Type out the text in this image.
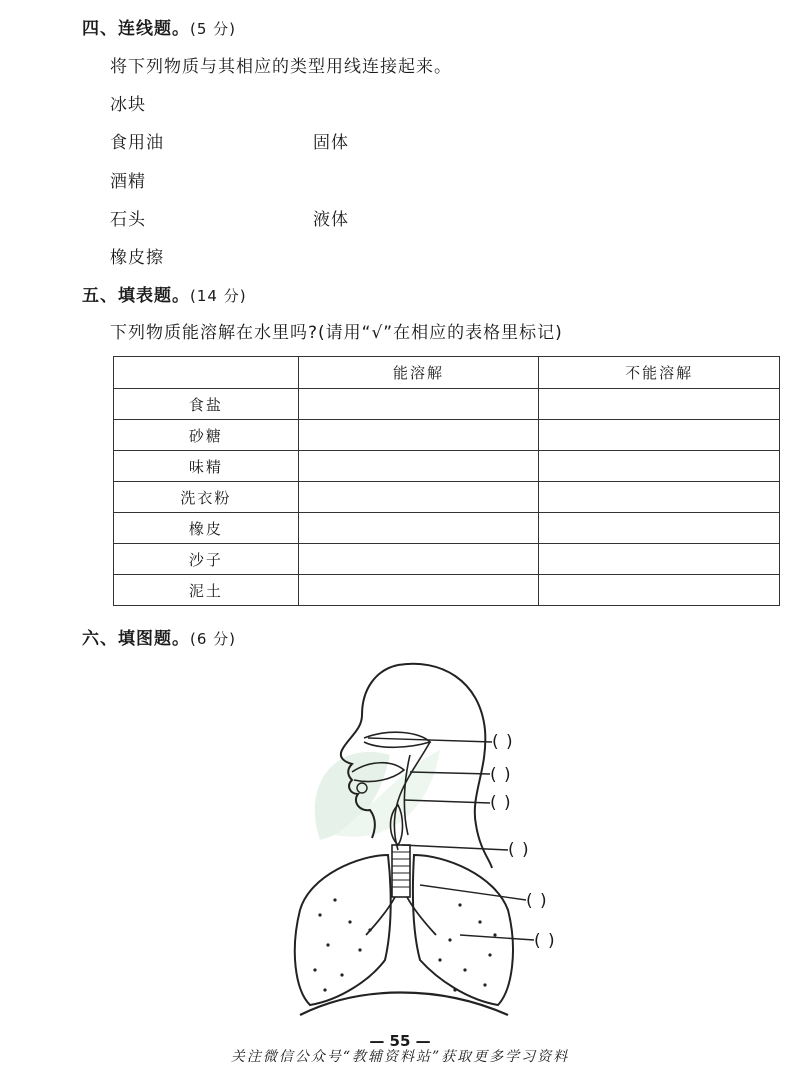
四、连线题。(5 分)
将下列物质与其相应的类型用线连接起来。
冰块
食用油
酒精
石头
橡皮擦
固体
液体
五、填表题。(14 分)
下列物质能溶解在水里吗?(请用“√”在相应的表格里标记)
	能溶解	不能溶解
食盐		
砂糖		
味精		
洗衣粉		
橡皮		
沙子		
泥土		
六、填图题。(6 分)
( )
( )
( )
( )
( )
( )
— 55 —
关注微信公众号“教辅资料站”获取更多学习资料
